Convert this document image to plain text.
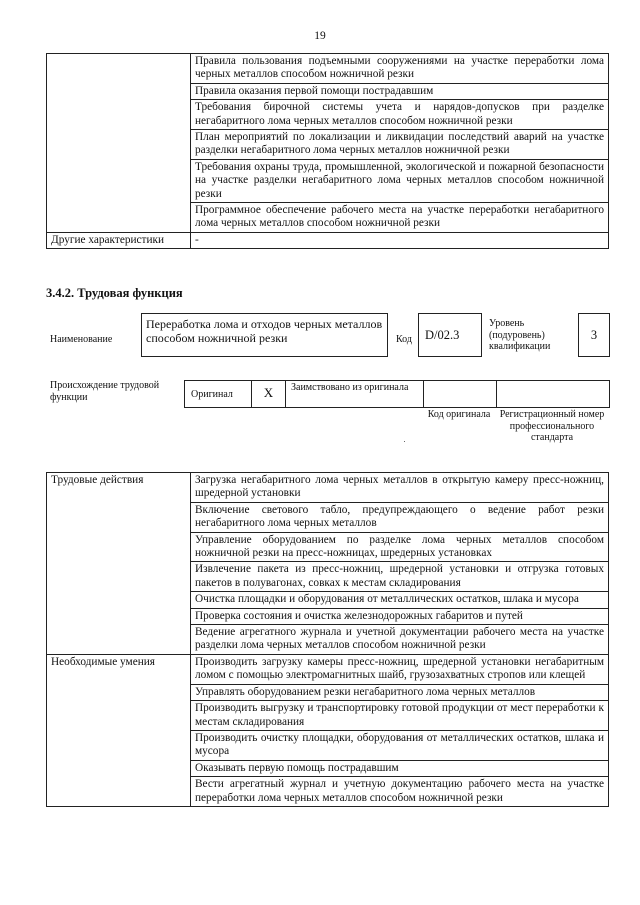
19
	Правила пользования подъемными сооружениями на участке переработки лома черных металлов способом ножничной резки
	Правила оказания первой помощи пострадавшим
	Требования бирочной системы учета и нарядов-допусков при разделке негабаритного лома черных металлов способом ножничной резки
	План мероприятий по локализации и ликвидации последствий аварий на участке разделки негабаритного лома черных металлов ножничной резки
	Требования охраны труда, промышленной, экологической и пожарной безопасности на участке разделки негабаритного лома черных металлов способом ножничной резки
	Программное обеспечение рабочего места на участке переработки негабаритного лома черных металлов способом ножничной резки
Другие характеристики	-
3.4.2. Трудовая функция
Наименование
Переработка лома и отходов черных металлов способом ножничной резки	Код D/02.3
Уровень (подуровень) квалификации
3
Происхождение трудовой функции	Оригинал	X	Заимствовано из оригинала
Код оригинала Регистрационный номер профессионального стандарта
Трудовые действия	Загрузка негабаритного лома черных металлов в открытую камеру пресс-ножниц, шредерной установки
	Включение светового табло, предупреждающего о ведение работ резки негабаритного лома черных металлов
	Управление оборудованием по разделке лома черных металлов способом ножничной резки на пресс-ножницах, шредерных установках
	Извлечение пакета из пресс-ножниц, шредерной установки и отгрузка готовых пакетов в полувагонах, совках к местам складирования
	Очистка площадки и оборудования от металлических остатков, шлака и мусора
	Проверка состояния и очистка железнодорожных габаритов и путей
	Ведение агрегатного журнала и учетной документации рабочего места на участке разделки лома черных металлов способом ножничной резки
Необходимые умения	Производить загрузку камеры пресс-ножниц, шредерной установки негабаритным ломом с помощью электромагнитных шайб, грузозахватных стропов или клещей
	Управлять оборудованием резки негабаритного лома черных металлов
	Производить выгрузку и транспортировку готовой продукции от мест переработки к местам складирования
	Производить очистку площадки, оборудования от металлических остатков, шлака и мусора
	Оказывать первую помощь пострадавшим
	Вести агрегатный журнал и учетную документацию рабочего места на участке переработки лома черных металлов способом ножничной резки
